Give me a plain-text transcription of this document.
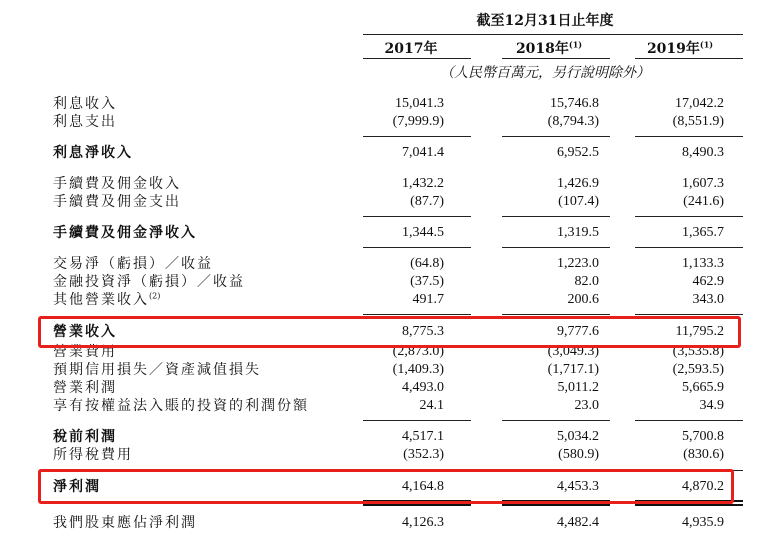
截至12月31日止年度
2017年	2018年$^{(1)}$	2019年$^{(1)}$
（人民幣百萬元，另行說明除外）
利息收入	15,041.3	15,746.8	17,042.2
利息支出	(7,999.9)	(8,794.3)	(8,551.9)
利息淨收入	7,041.4	6,952.5	8,490.3
手續費及佣金收入	1,432.2	1,426.9	1,607.3
手續費及佣金支出	(87.7)	(107.4)	(241.6)
手續費及佣金淨收入	1,344.5	1,319.5	1,365.7
交易淨（虧損）／收益	(64.8)	1,223.0	1,133.3
金融投資淨（虧損）／收益	(37.5)	82.0	462.9
其他營業收入$^{(2)}$	491.7	200.6	343.0
營業收入	8,775.3	9,777.6	11,795.2
營業費用	(2,873.0)	(3,049.3)	(3,535.8)
預期信用損失／資產減值損失	(1,409.3)	(1,717.1)	(2,593.5)
營業利潤	4,493.0	5,011.2	5,665.9
享有按權益法入賬的投資的利潤份額	24.1	23.0	34.9
稅前利潤	4,517.1	5,034.2	5,700.8
所得稅費用	(352.3)	(580.9)	(830.6)
淨利潤	4,164.8	4,453.3	4,870.2
我們股東應佔淨利潤	4,126.3	4,482.4	4,935.9
